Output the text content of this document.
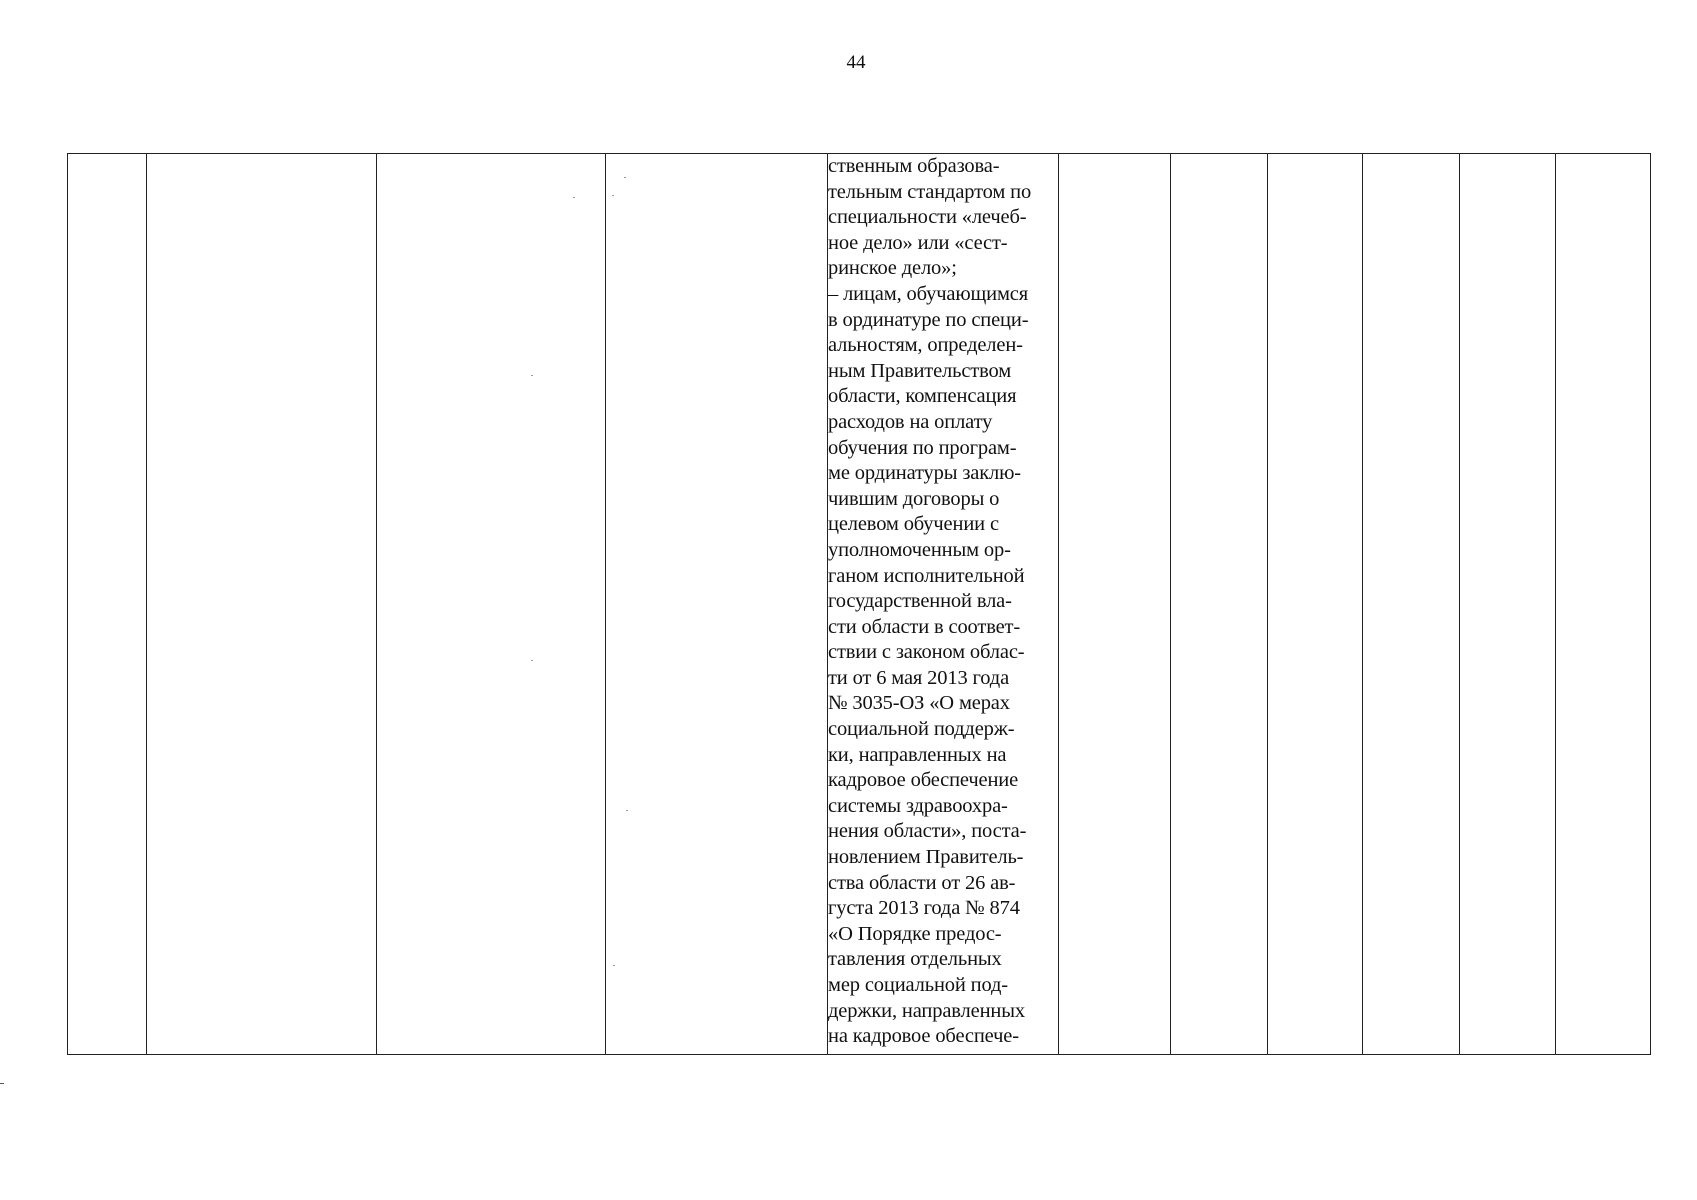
44

ственным образова-
тельным стандартом по
специальности «лечеб-
ное дело» или «сест-
ринское дело»;
– лицам, обучающимся
в ординатуре по специ-
альностям, определен-
ным Правительством
области, компенсация
расходов на оплату
обучения по програм-
ме ординатуры заклю-
чившим договоры о
целевом обучении с
уполномоченным ор-
ганом исполнительной
государственной вла-
сти области в соответ-
ствии с законом облас-
ти от 6 мая 2013 года
№ 3035-ОЗ «О мерах
социальной поддерж-
ки, направленных на
кадровое обеспечение
системы здравоохра-
нения области», поста-
новлением Правитель-
ства области от 26 ав-
густа 2013 года № 874
«О Порядке предос-
тавления отдельных
мер социальной под-
держки, направленных
на кадровое обеспече-
